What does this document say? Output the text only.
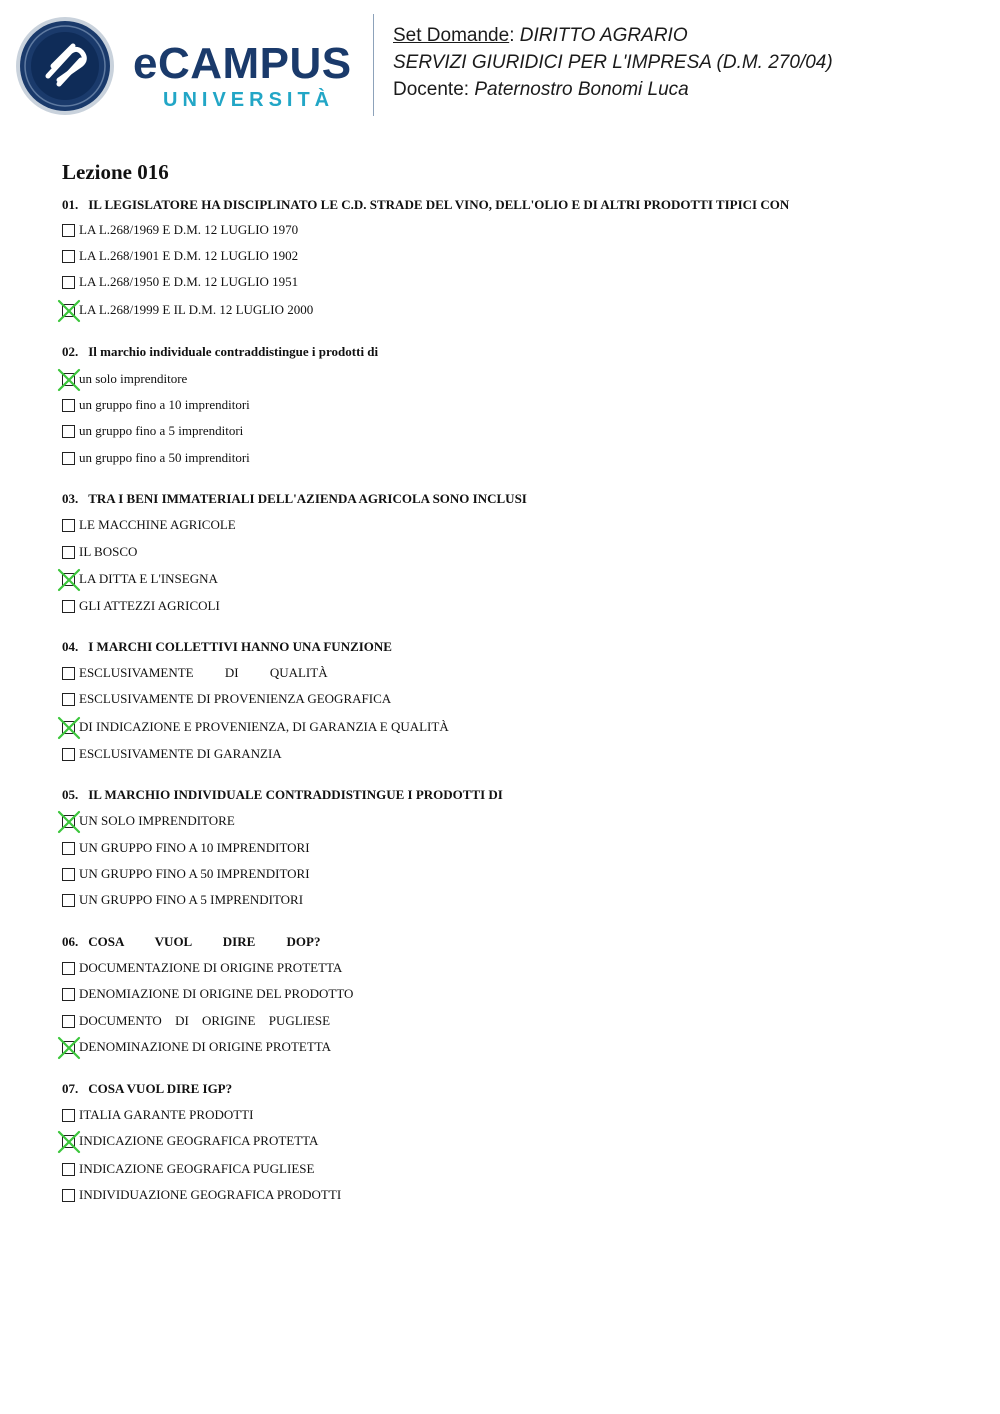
eCAMPUS
UNIVERSITÀ
Set Domande: DIRITTO AGRARIO
SERVIZI GIURIDICI PER L'IMPRESA (D.M. 270/04)
Docente: Paternostro Bonomi Luca
Lezione 016
01. IL LEGISLATORE HA DISCIPLINATO LE C.D. STRADE DEL VINO, DELL'OLIO E DI ALTRI PRODOTTI TIPICI CON
LA L.268/1969 E D.M. 12 LUGLIO 1970
LA L.268/1901 E D.M. 12 LUGLIO 1902
LA L.268/1950 E D.M. 12 LUGLIO 1951
LA L.268/1999 E IL D.M. 12 LUGLIO 2000
02. Il marchio individuale contraddistingue i prodotti di
un solo imprenditore
un gruppo fino a 10 imprenditori
un gruppo fino a 5 imprenditori
un gruppo fino a 50 imprenditori
03. TRA I BENI IMMATERIALI DELL'AZIENDA AGRICOLA SONO INCLUSI
LE MACCHINE AGRICOLE
IL BOSCO
LA DITTA E L'INSEGNA
GLI ATTEZZI AGRICOLI
04. I MARCHI COLLETTIVI HANNO UNA FUNZIONE
ESCLUSIVAMENTE DI QUALITÀ
ESCLUSIVAMENTE DI PROVENIENZA GEOGRAFICA
DI INDICAZIONE E PROVENIENZA, DI GARANZIA E QUALITÀ
ESCLUSIVAMENTE DI GARANZIA
05. IL MARCHIO INDIVIDUALE CONTRADDISTINGUE I PRODOTTI DI
UN SOLO IMPRENDITORE
UN GRUPPO FINO A 10 IMPRENDITORI
UN GRUPPO FINO A 50 IMPRENDITORI
UN GRUPPO FINO A 5 IMPRENDITORI
06. COSA VUOL DIRE DOP?
DOCUMENTAZIONE DI ORIGINE PROTETTA
DENOMIAZIONE DI ORIGINE DEL PRODOTTO
DOCUMENTO DI ORIGINE PUGLIESE
DENOMINAZIONE DI ORIGINE PROTETTA
07. COSA VUOL DIRE IGP?
ITALIA GARANTE PRODOTTI
INDICAZIONE GEOGRAFICA PROTETTA
INDICAZIONE GEOGRAFICA PUGLIESE
INDIVIDUAZIONE GEOGRAFICA PRODOTTI
